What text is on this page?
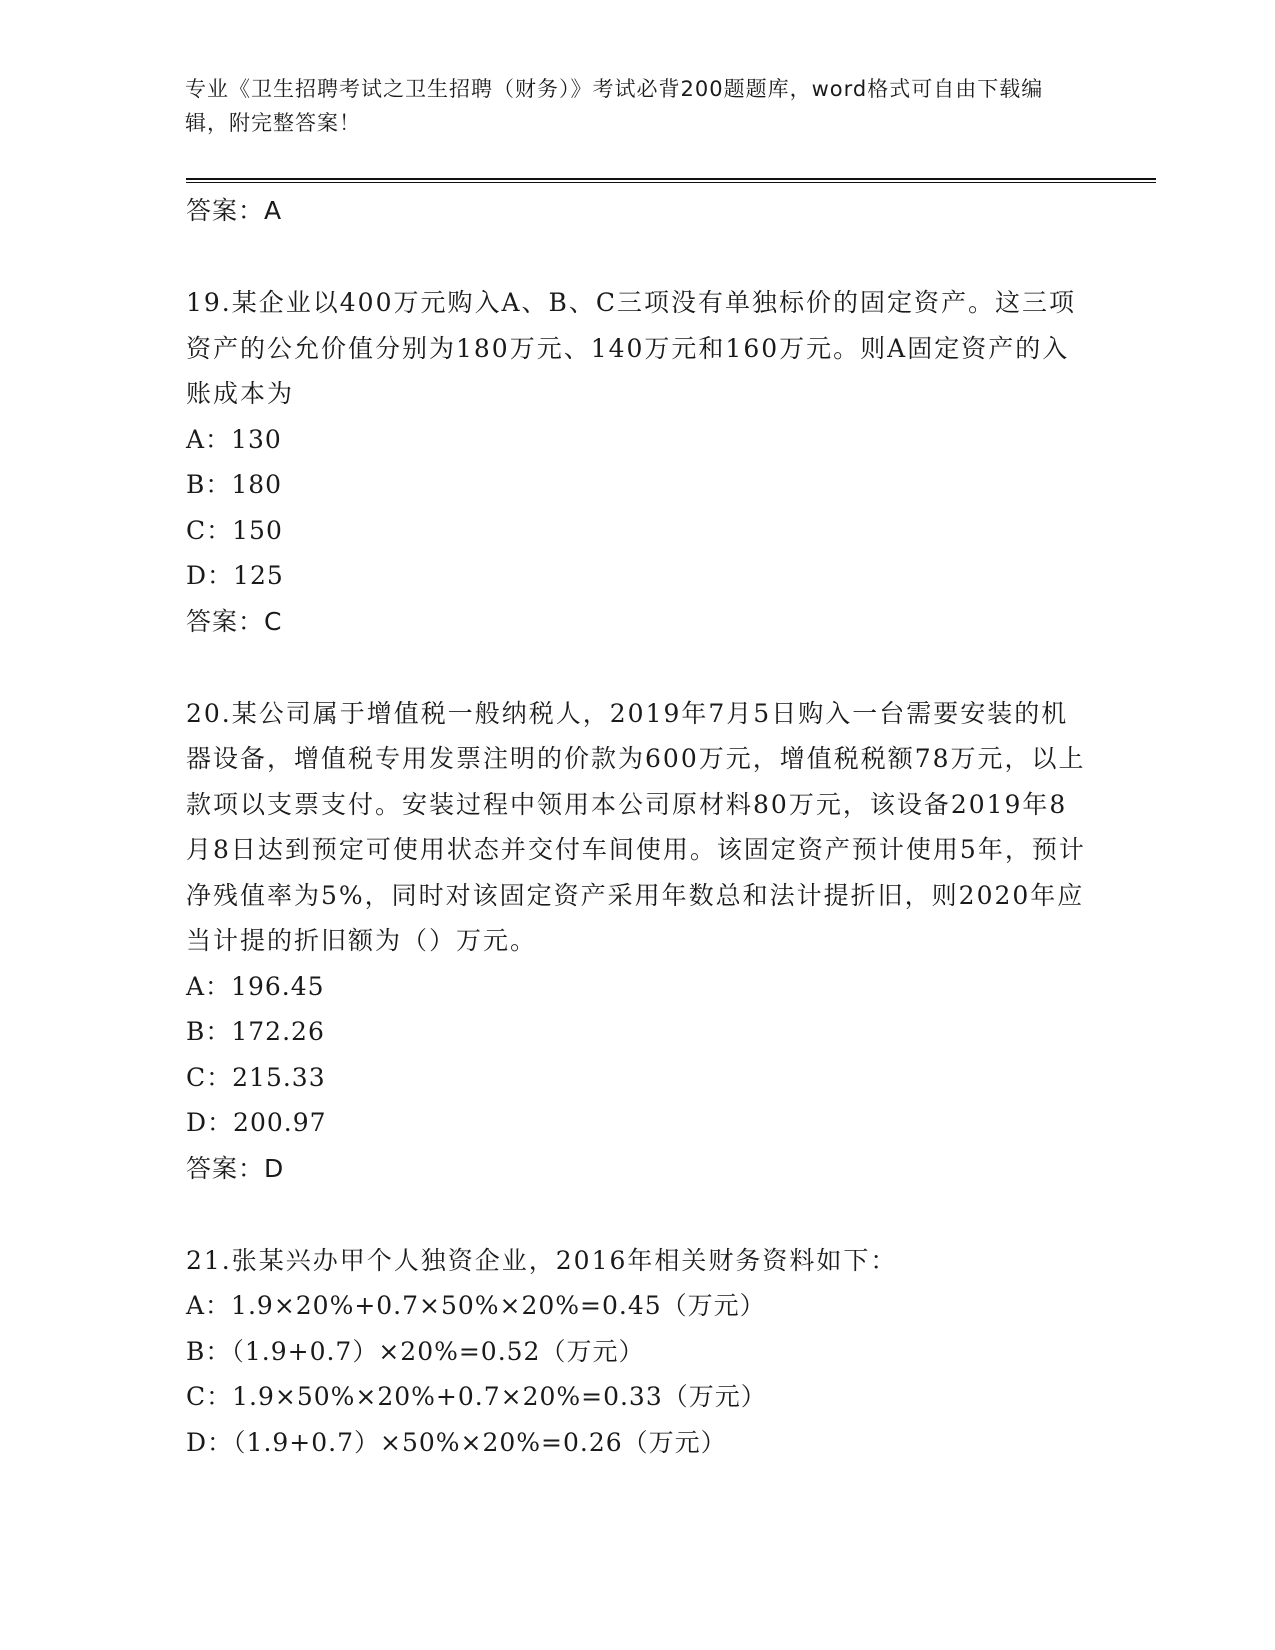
专业《卫生招聘考试之卫生招聘（财务）》考试必背200题题库，word格式可自由下载编辑，附完整答案！

答案：A

19.某企业以400万元购入A、B、C三项没有单独标价的固定资产。这三项资产的公允价值分别为180万元、140万元和160万元。则A固定资产的入账成本为

A：130

B：180

C：150

D：125

答案：C

20.某公司属于增值税一般纳税人，2019年7月5日购入一台需要安装的机器设备，增值税专用发票注明的价款为600万元，增值税税额78万元，以上款项以支票支付。安装过程中领用本公司原材料80万元，该设备2019年8月8日达到预定可使用状态并交付车间使用。该固定资产预计使用5年，预计净残值率为5%，同时对该固定资产采用年数总和法计提折旧，则2020年应当计提的折旧额为（）万元。

A：196.45

B：172.26

C：215.33

D：200.97

答案：D

21.张某兴办甲个人独资企业，2016年相关财务资料如下：

A：1.9×20%+0.7×50%×20%=0.45（万元）

B：（1.9+0.7）×20%=0.52（万元）

C：1.9×50%×20%+0.7×20%=0.33（万元）

D：（1.9+0.7）×50%×20%=0.26（万元）
